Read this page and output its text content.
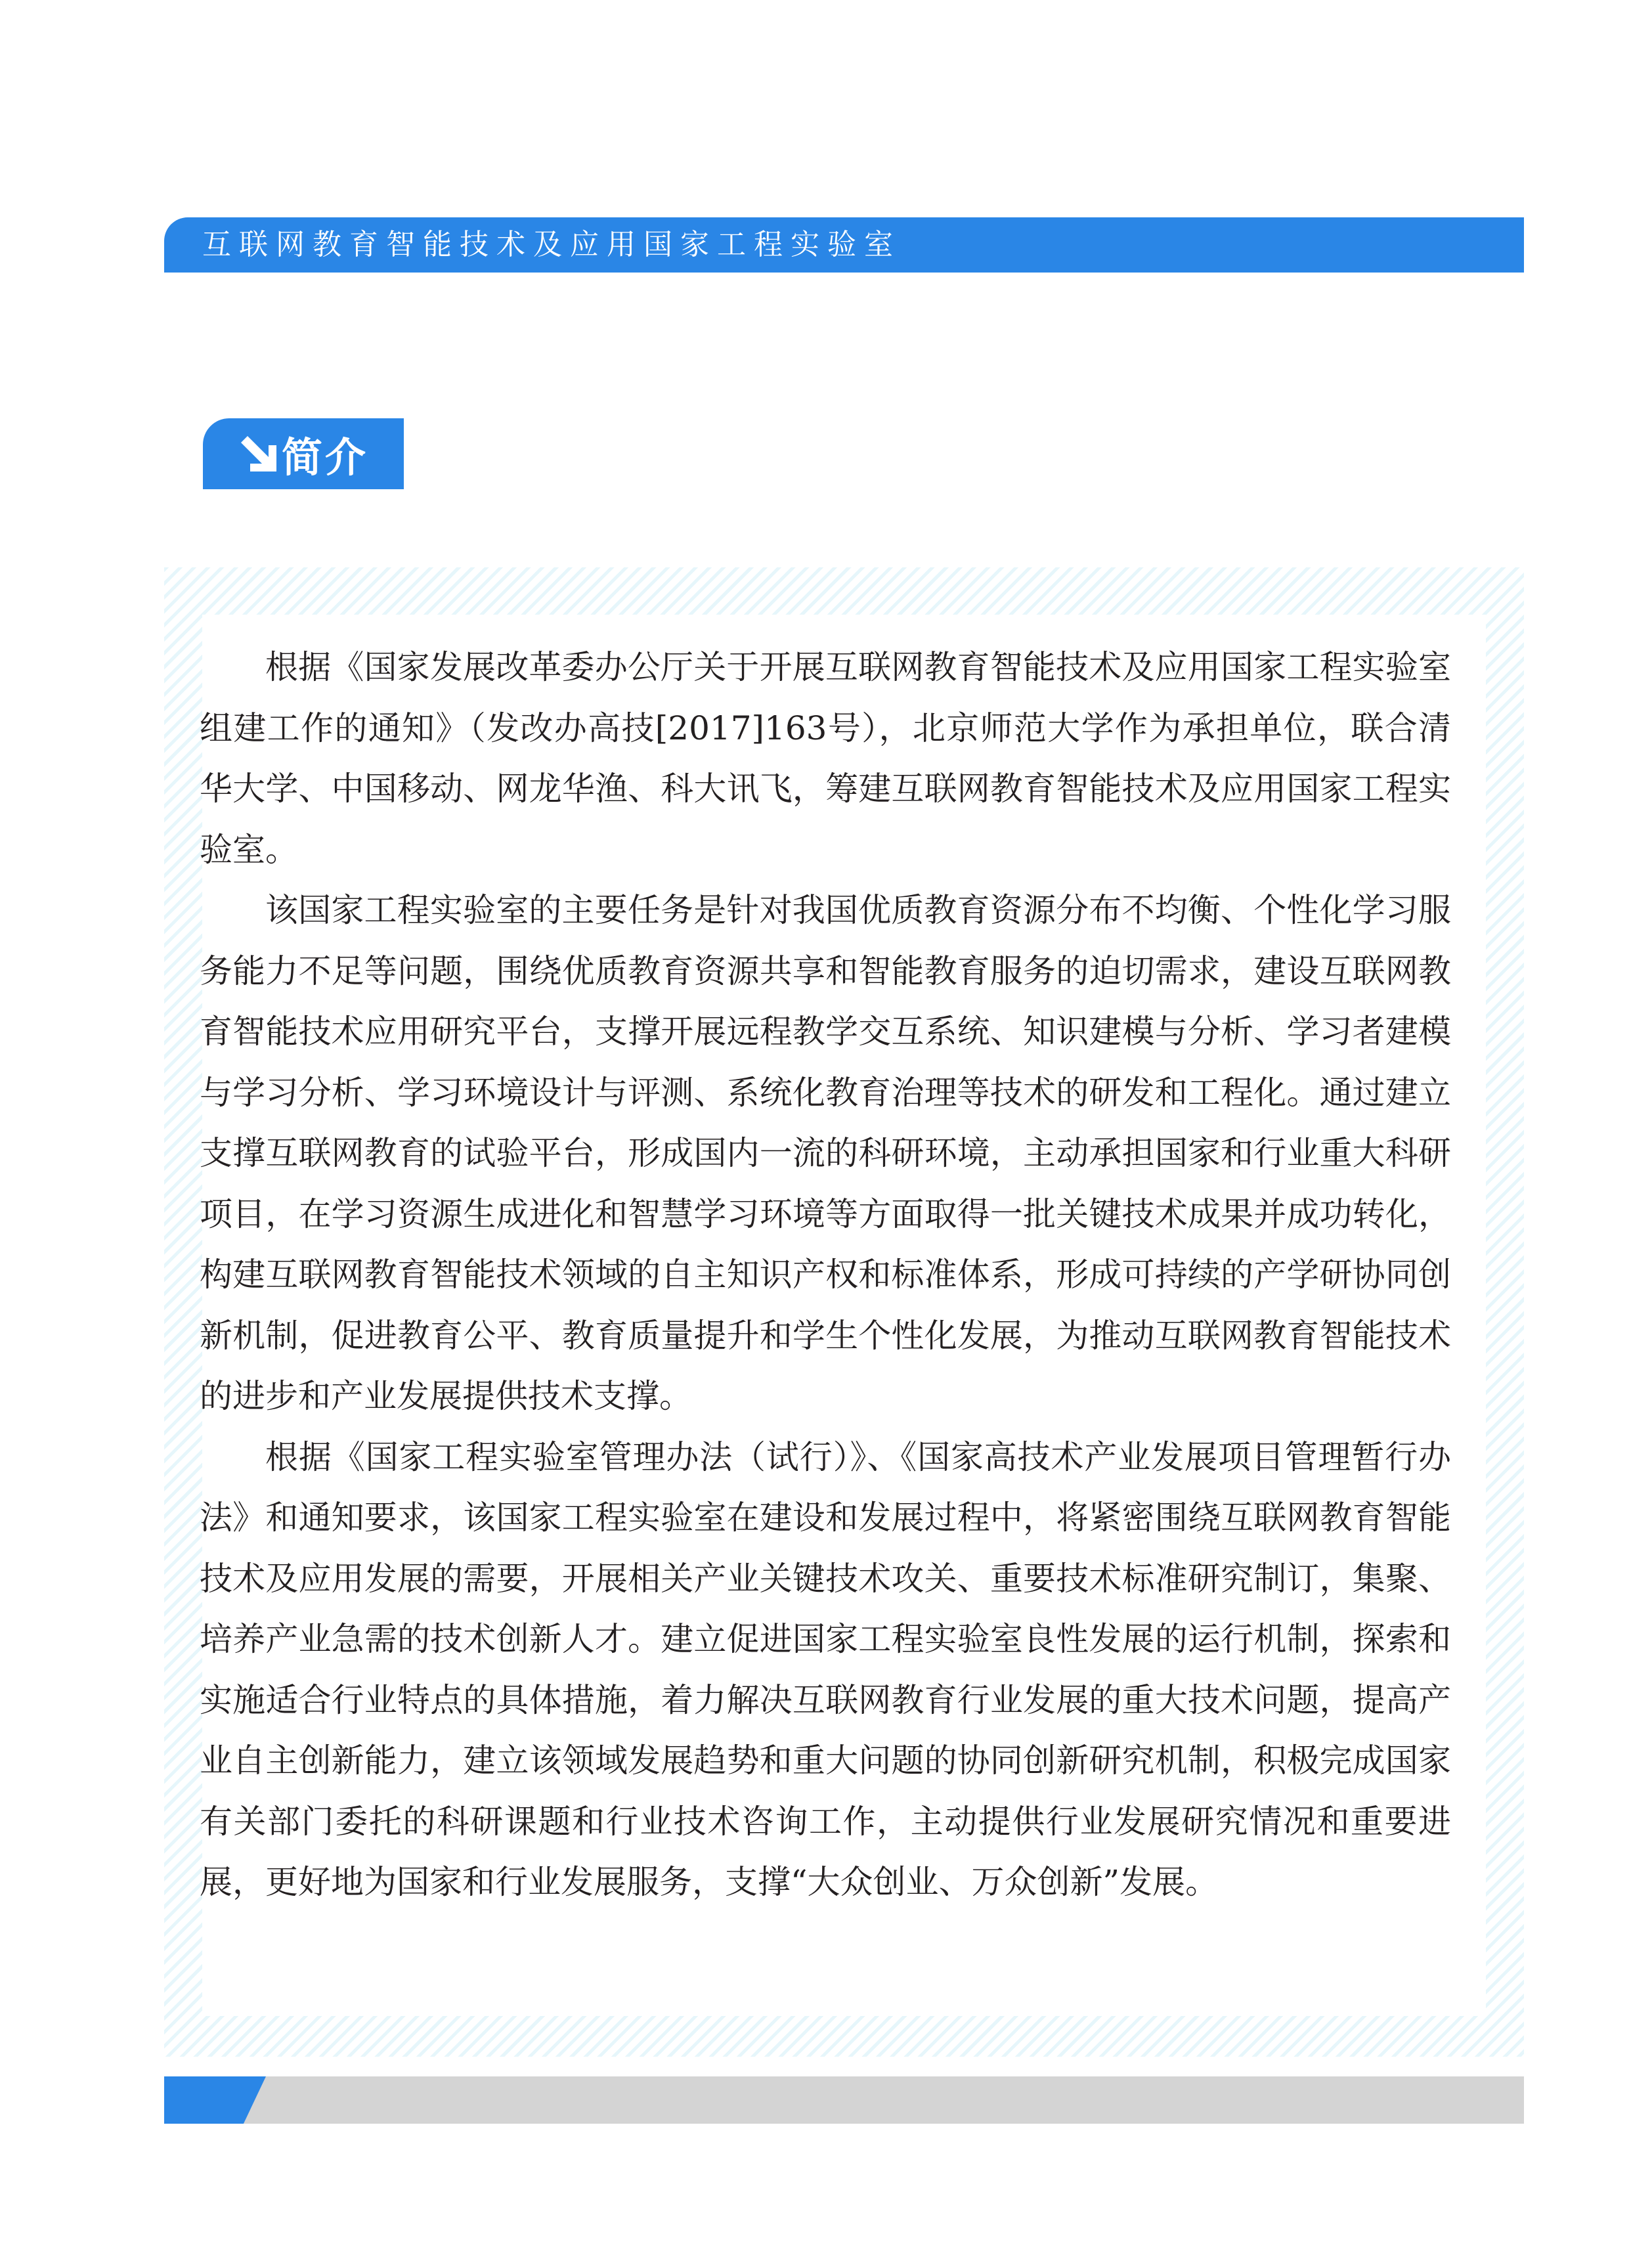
互联网教育智能技术及应用国家工程实验室
简介

根据《国家发展改革委办公厅关于开展互联网教育智能技术及应用国家工程实验室组建工作的通知》（发改办高技[2017]163号），北京师范大学作为承担单位，联合清华大学、中国移动、网龙华渔、科大讯飞，筹建互联网教育智能技术及应用国家工程实验室。

该国家工程实验室的主要任务是针对我国优质教育资源分布不均衡、个性化学习服务能力不足等问题，围绕优质教育资源共享和智能教育服务的迫切需求，建设互联网教育智能技术应用研究平台，支撑开展远程教学交互系统、知识建模与分析、学习者建模与学习分析、学习环境设计与评测、系统化教育治理等技术的研发和工程化。通过建立支撑互联网教育的试验平台，形成国内一流的科研环境，主动承担国家和行业重大科研项目，在学习资源生成进化和智慧学习环境等方面取得一批关键技术成果并成功转化，构建互联网教育智能技术领域的自主知识产权和标准体系，形成可持续的产学研协同创新机制，促进教育公平、教育质量提升和学生个性化发展，为推动互联网教育智能技术的进步和产业发展提供技术支撑。

根据《国家工程实验室管理办法（试行）》、《国家高技术产业发展项目管理暂行办法》和通知要求，该国家工程实验室在建设和发展过程中，将紧密围绕互联网教育智能技术及应用发展的需要，开展相关产业关键技术攻关、重要技术标准研究制订，集聚、培养产业急需的技术创新人才。建立促进国家工程实验室良性发展的运行机制，探索和实施适合行业特点的具体措施，着力解决互联网教育行业发展的重大技术问题，提高产业自主创新能力，建立该领域发展趋势和重大问题的协同创新研究机制，积极完成国家有关部门委托的科研课题和行业技术咨询工作，主动提供行业发展研究情况和重要进展，更好地为国家和行业发展服务，支撑“大众创业、万众创新”发展。
